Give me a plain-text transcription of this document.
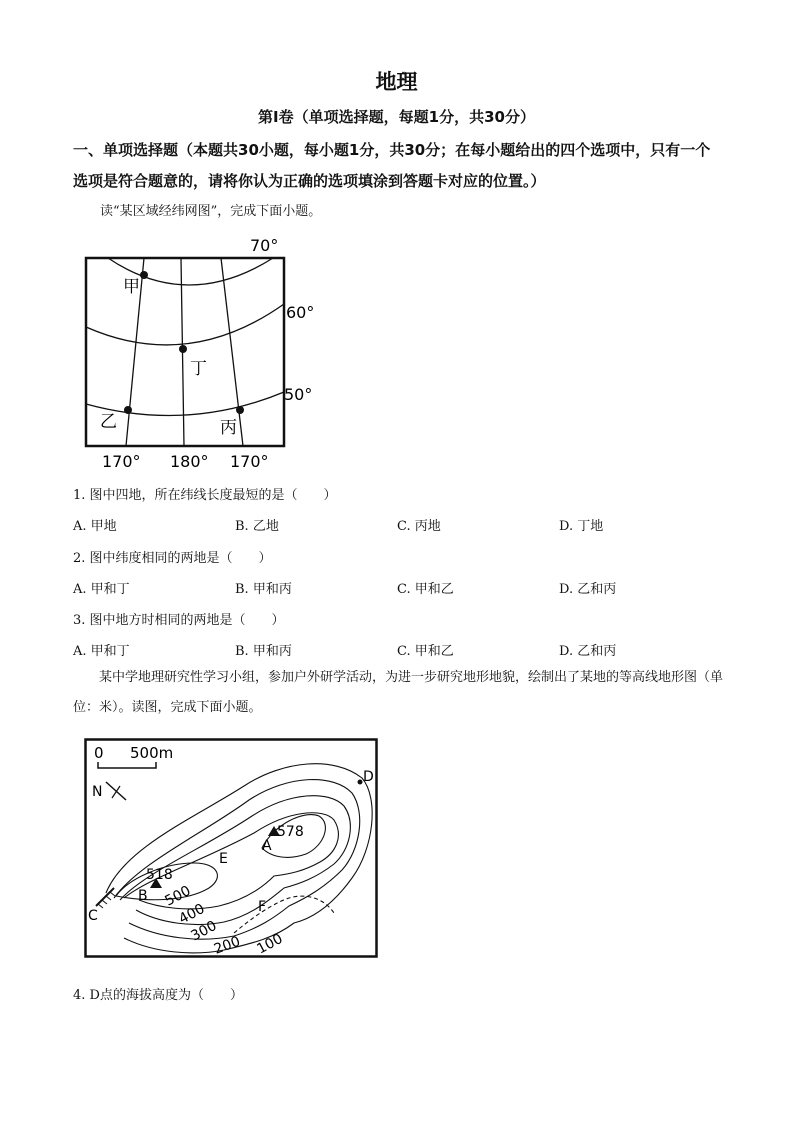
地理
第Ⅰ卷（单项选择题，每题1分，共30分）
一、单项选择题（本题共30小题，每小题1分，共30分；在每小题给出的四个选项中，只有一个选项是符合题意的，请将你认为正确的选项填涂到答题卡对应的位置。）
读“某区域经纬网图”，完成下面小题。
甲
丁
乙	丙
70°
60°
50°
170° 180° 170°
1. 图中四地，所在纬线长度最短的是（　　）
A. 甲地	B. 乙地	C. 丙地	D. 丁地
2. 图中纬度相同的两地是（　　）
A. 甲和丁	B. 甲和丙	C. 甲和乙	D. 乙和丙
3. 图中地方时相同的两地是（　　）
A. 甲和丁	B. 甲和丙	C. 甲和乙	D. 乙和丙
某中学地理研究性学习小组，参加户外研学活动，为进一步研究地形地貌，绘制出了某地的等高线地形图（单位：米）。读图，完成下面小题。
0 500m
N
578
518
A
B
C
D
E
F
500
400
300
200 100
4. D点的海拔高度为（　　）
